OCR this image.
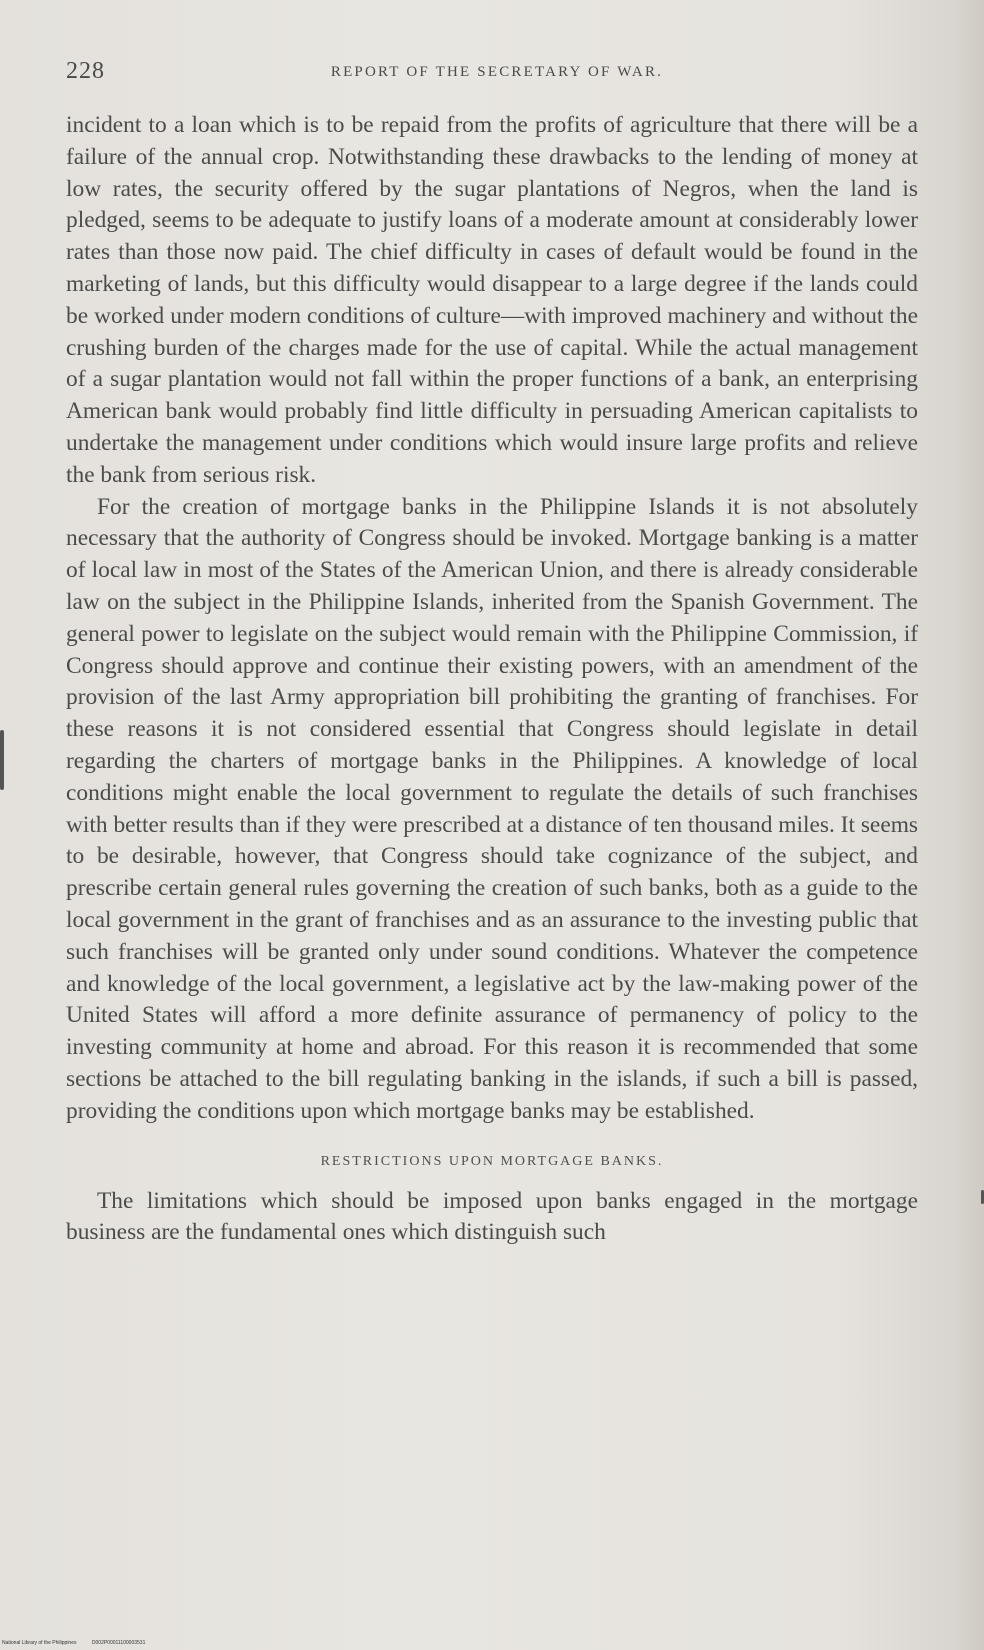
228	REPORT OF THE SECRETARY OF WAR.

incident to a loan which is to be repaid from the profits of agriculture that there will be a failure of the annual crop. Notwithstanding these drawbacks to the lending of money at low rates, the security offered by the sugar plantations of Negros, when the land is pledged, seems to be adequate to justify loans of a moderate amount at considerably lower rates than those now paid. The chief difficulty in cases of default would be found in the marketing of lands, but this difficulty would disappear to a large degree if the lands could be worked under modern conditions of culture—with improved machinery and without the crushing burden of the charges made for the use of capital. While the actual management of a sugar plantation would not fall within the proper functions of a bank, an enterprising American bank would probably find little difficulty in persuading American capitalists to undertake the management under conditions which would insure large profits and relieve the bank from serious risk.

For the creation of mortgage banks in the Philippine Islands it is not absolutely necessary that the authority of Congress should be invoked. Mortgage banking is a matter of local law in most of the States of the American Union, and there is already considerable law on the subject in the Philippine Islands, inherited from the Spanish Government. The general power to legislate on the subject would remain with the Philippine Commission, if Congress should approve and continue their existing powers, with an amendment of the provision of the last Army appropriation bill prohibiting the granting of franchises. For these reasons it is not considered essential that Congress should legislate in detail regarding the charters of mortgage banks in the Philippines. A knowledge of local conditions might enable the local government to regulate the details of such franchises with better results than if they were prescribed at a distance of ten thousand miles. It seems to be desirable, however, that Congress should take cognizance of the subject, and prescribe certain general rules governing the creation of such banks, both as a guide to the local government in the grant of franchises and as an assurance to the investing public that such franchises will be granted only under sound conditions. Whatever the competence and knowledge of the local government, a legislative act by the law-making power of the United States will afford a more definite assurance of permanency of policy to the investing community at home and abroad. For this reason it is recommended that some sections be attached to the bill regulating banking in the islands, if such a bill is passed, providing the conditions upon which mortgage banks may be established.

RESTRICTIONS UPON MORTGAGE BANKS.

The limitations which should be imposed upon banks engaged in the mortgage business are the fundamental ones which distinguish such

National Library of the Philippines	D002P00011100003531
